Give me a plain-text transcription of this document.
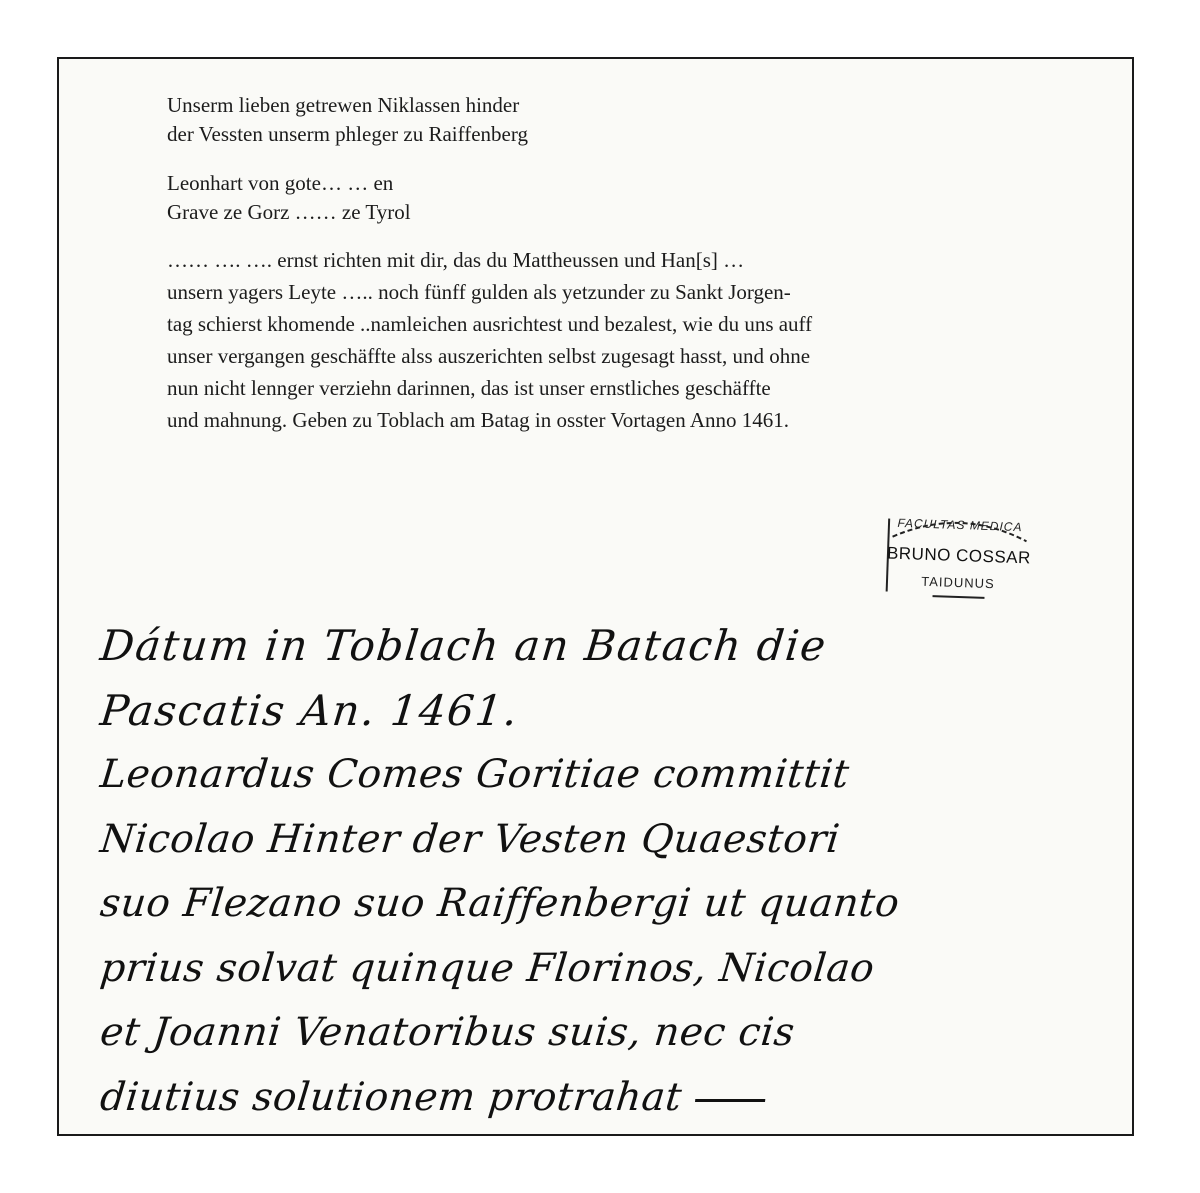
Unserm lieben getrewen Niklassen hinder
der Vessten unserm phleger zu Raiffenberg

Leonhart von gote… … en
Grave ze Gorz …… ze Tyrol

…… …. …. ernst richten mit dir, das du Mattheussen und Han[s] …
unsern yagers Leyte ….. noch fünff gulden als yetzunder zu Sankt Jorgen-
tag schierst khomende ..namleichen ausrichtest und bezalest, wie du uns auff
unser vergangen geschäffte alss auszerichten selbst zugesagt hasst, und ohne
nun nicht lennger verziehn darinnen, das ist unser ernstliches geschäffte
und mahnung. Geben zu Toblach am Batag in osster Vortagen Anno 1461.
FACULTAS MEDICA
BRUNO COSSAR
TAIDUNUS
Dátum in Toblach an Batach die
Pascatis An. 1461.
Leonardus Comes Goritiae committit
Nicolao Hinter der Vesten Quaestori
suo Flezano suo Raiffenbergi ut quanto
prius solvat quinque Florinos, Nicolao
et Joanni Venatoribus suis, nec cis
diutius solutionem protrahat
